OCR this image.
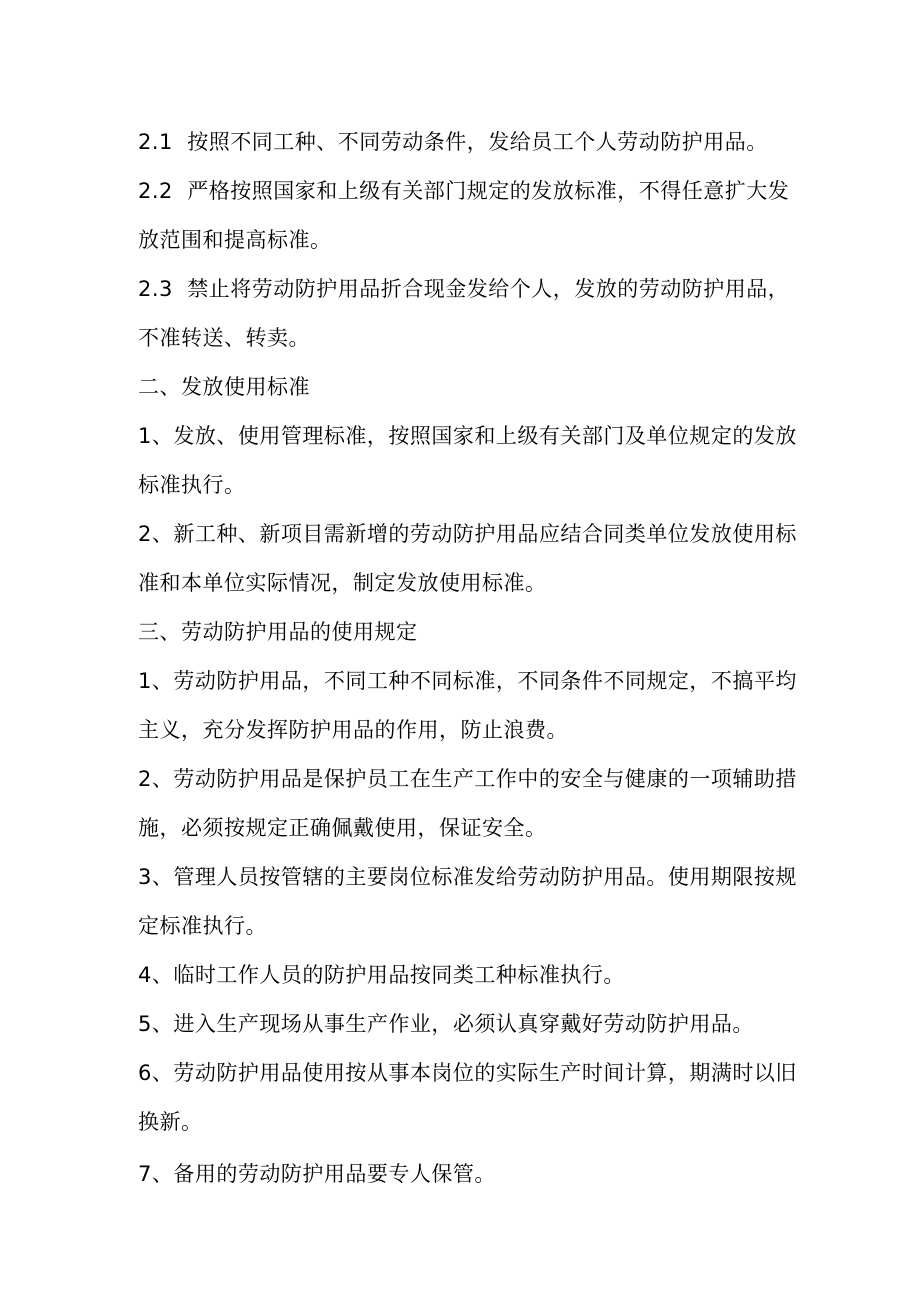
2.1  按照不同工种、不同劳动条件，发给员工个人劳动防护用品。
2.2  严格按照国家和上级有关部门规定的发放标准，不得任意扩大发放范围和提高标准。
2.3  禁止将劳动防护用品折合现金发给个人，发放的劳动防护用品，不准转送、转卖。
二、发放使用标准
1、发放、使用管理标准，按照国家和上级有关部门及单位规定的发放标准执行。
2、新工种、新项目需新增的劳动防护用品应结合同类单位发放使用标准和本单位实际情况，制定发放使用标准。
三、劳动防护用品的使用规定
1、劳动防护用品，不同工种不同标准，不同条件不同规定，不搞平均主义，充分发挥防护用品的作用，防止浪费。
2、劳动防护用品是保护员工在生产工作中的安全与健康的一项辅助措施，必须按规定正确佩戴使用，保证安全。
3、管理人员按管辖的主要岗位标准发给劳动防护用品。使用期限按规定标准执行。
4、临时工作人员的防护用品按同类工种标准执行。
5、进入生产现场从事生产作业，必须认真穿戴好劳动防护用品。
6、劳动防护用品使用按从事本岗位的实际生产时间计算，期满时以旧换新。
7、备用的劳动防护用品要专人保管。
